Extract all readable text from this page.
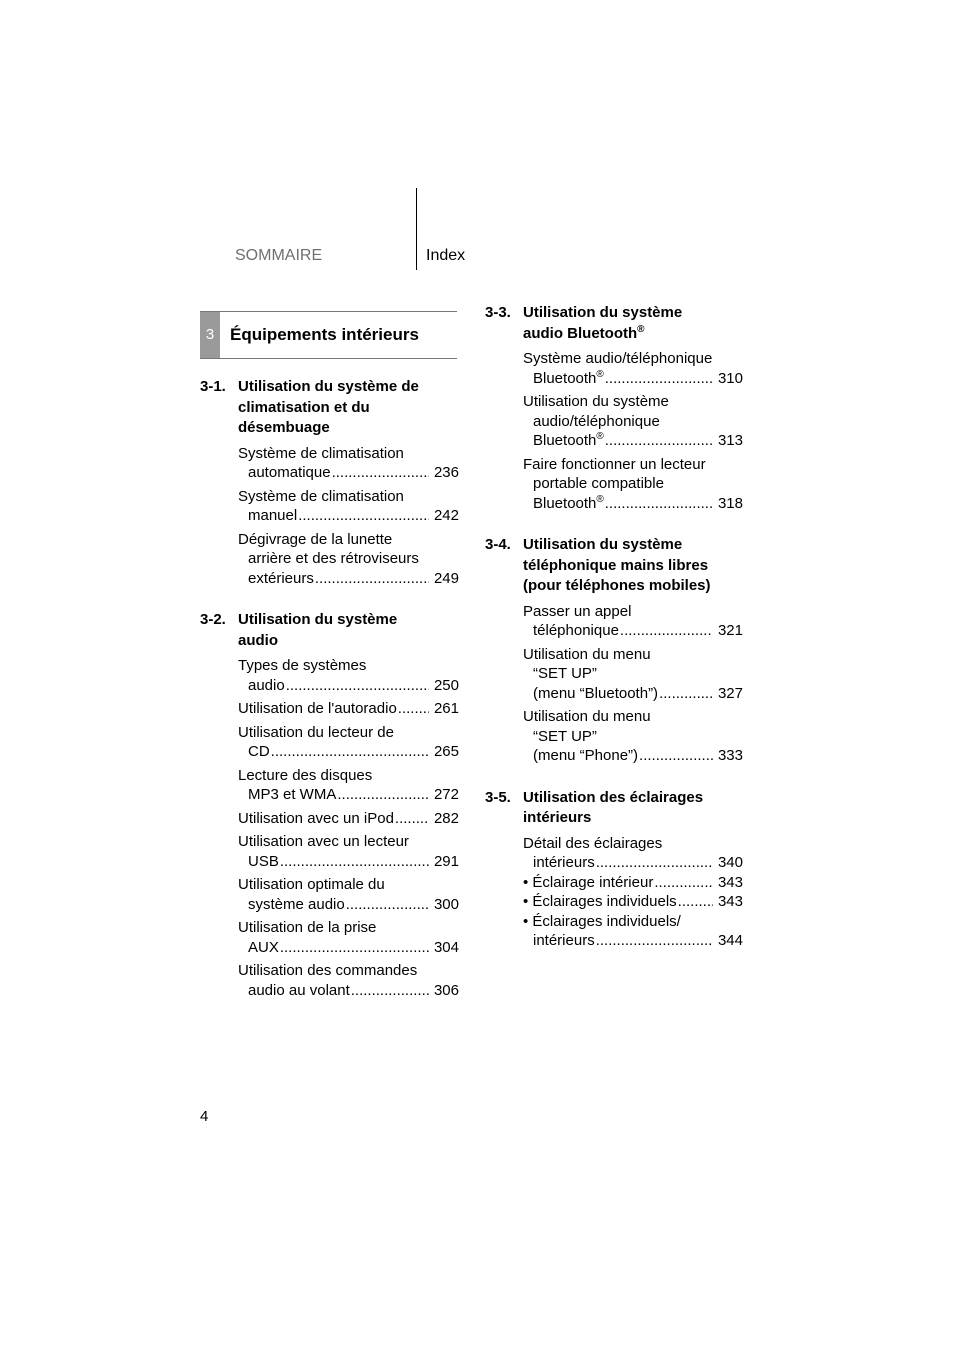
SOMMAIRE	Index
3 Équipements intérieurs
3-1. Utilisation du système de
climatisation et du
désembuage
Système de climatisation
automatique .....	236
Système de climatisation
manuel .....	242
Dégivrage de la lunette
arrière et des rétroviseurs
extérieurs .....	249
3-2. Utilisation du système
audio
Types de systèmes
audio .....	250
Utilisation de l'autoradio ..... 261
Utilisation du lecteur de
CD .....	265
Lecture des disques
MP3 et WMA .....	272
Utilisation avec un iPod .....	282
Utilisation avec un lecteur
USB .....	291
Utilisation optimale du
système audio .....	300
Utilisation de la prise
AUX .....	304
Utilisation des commandes
audio au volant .....	306
3-3. Utilisation du système
audio Bluetooth®
Système audio/téléphonique
Bluetooth® .....	310
Utilisation du système
audio/téléphonique
Bluetooth® .....	313
Faire fonctionner un lecteur
portable compatible
Bluetooth® .....	318
3-4. Utilisation du système
téléphonique mains libres
(pour téléphones mobiles)
Passer un appel
téléphonique .....	321
Utilisation du menu
“SET UP”
(menu “Bluetooth”) .....	327
Utilisation du menu
“SET UP”
(menu “Phone”) .....	333
3-5. Utilisation des éclairages
intérieurs
Détail des éclairages
intérieurs .....	340
• Éclairage intérieur .....	343
• Éclairages individuels .....	343
• Éclairages individuels/
intérieurs .....	344
4
